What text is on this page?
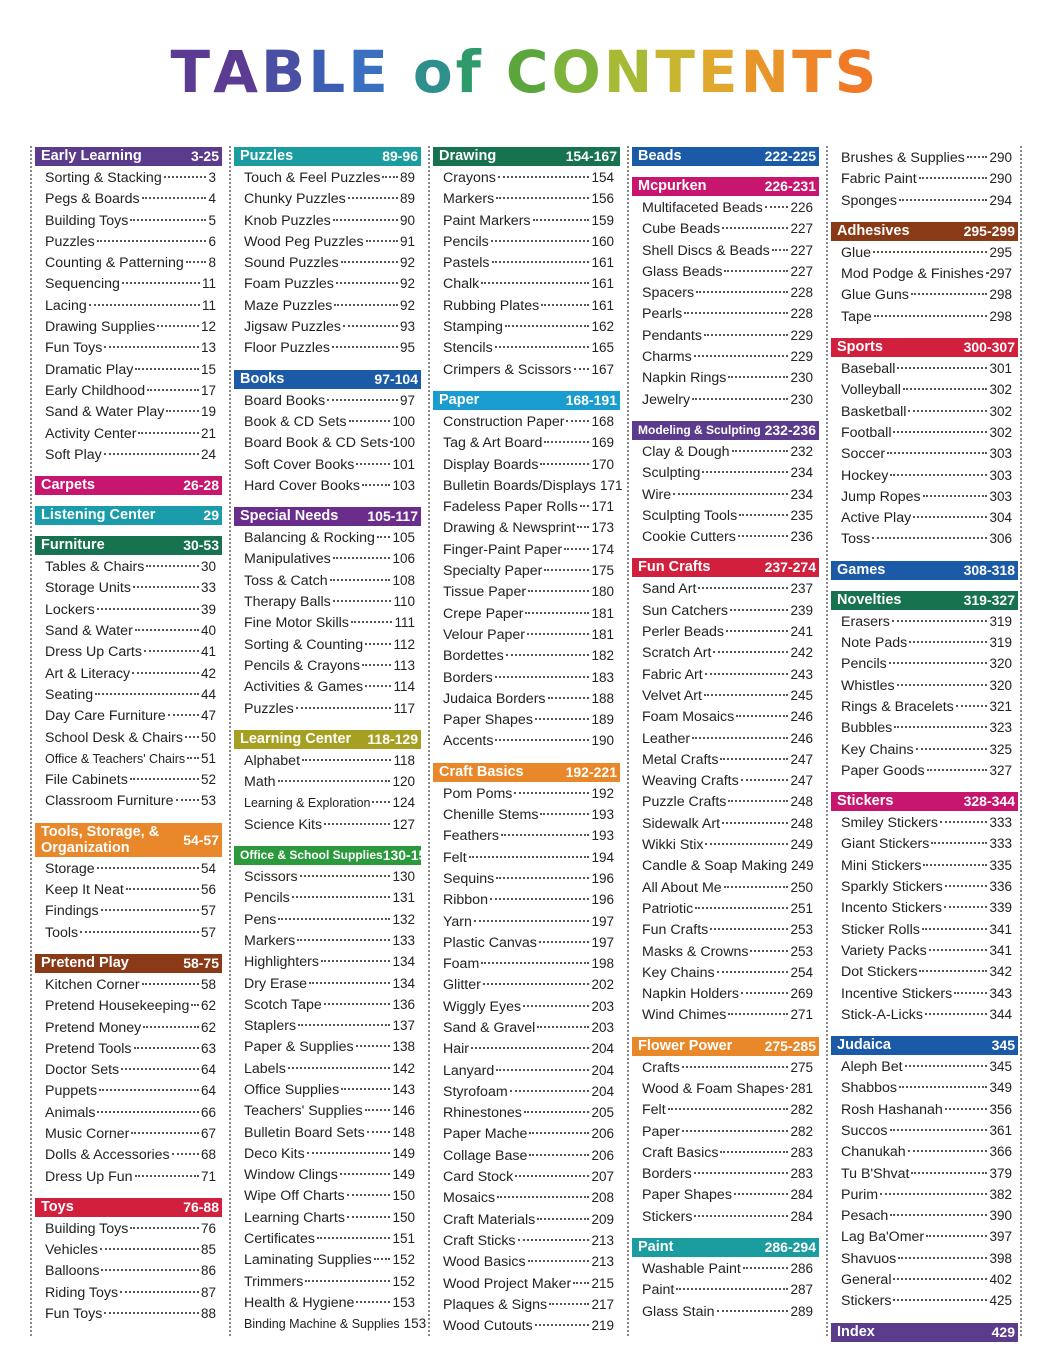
TABLE of CONTENTS
Early Learning	3-25
Sorting & Stacking	3
Pegs & Boards	4
Building Toys	5
Puzzles	6
Counting & Patterning 8
Sequencing	11
Lacing	11
Drawing Supplies	12
Fun Toys	13
Dramatic Play	15
Early Childhood	17
Sand & Water Play	19
Activity Center	21
Soft Play	24
Carpets	26-28
Listening Center	29
Furniture	30-53
Tables & Chairs	30
Storage Units	33
Lockers	39
Sand & Water	40
Dress Up Carts	41
Art & Literacy	42
Seating	44
Day Care Furniture	47
School Desk & Chairs 50
Office & Teachers' Chairs 51
File Cabinets	52
Classroom Furniture 53
Tools, Storage, & Organization	54-57
Storage	54
Keep It Neat	56
Findings	57
Tools	57
Pretend Play	58-75
Kitchen Corner	58
Pretend Housekeeping 62
Pretend Money	62
Pretend Tools	63
Doctor Sets	64
Puppets	64
Animals	66
Music Corner	67
Dolls & Accessories 68
Dress Up Fun	71
Toys	76-88
Building Toys	76
Vehicles	85
Balloons	86
Riding Toys	87
Fun Toys	88
Puzzles	89-96
Touch & Feel Puzzles 89
Chunky Puzzles	89
Knob Puzzles	90
Wood Peg Puzzles	91
Sound Puzzles	92
Foam Puzzles	92
Maze Puzzles	92
Jigsaw Puzzles	93
Floor Puzzles	95
Books	97-104
Board Books	97
Book & CD Sets	100
Board Book & CD Sets 100
Soft Cover Books	101
Hard Cover Books 103
Special Needs 105-117
Balancing & Rocking 105
Manipulatives	106
Toss & Catch	108
Therapy Balls	110
Fine Motor Skills	111
Sorting & Counting 112
Pencils & Crayons 113
Activities & Games 114
Puzzles	117
Learning Center 118-129
Alphabet	118
Math	120
Learning & Exploration 124
Science Kits	127
Office & School Supplies 130-153
Scissors	130
Pencils	131
Pens	132
Markers	133
Highlighters	134
Dry Erase	134
Scotch Tape	136
Staplers	137
Paper & Supplies	138
Labels	142
Office Supplies	143
Teachers' Supplies 146
Bulletin Board Sets 148
Deco Kits	149
Window Clings	149
Wipe Off Charts	150
Learning Charts	150
Certificates	151
Laminating Supplies 152
Trimmers	152
Health & Hygiene	153
Binding Machine & Supplies 153
Drawing	154-167
Crayons	154
Markers	156
Paint Markers	159
Pencils	160
Pastels	161
Chalk	161
Rubbing Plates	161
Stamping	162
Stencils	165
Crimpers & Scissors 167
Paper	168-191
Construction Paper 168
Tag & Art Board	169
Display Boards	170
Bulletin Boards/Displays 171
Fadeless Paper Rolls 171
Drawing & Newsprint 173
Finger-Paint Paper 174
Specialty Paper	175
Tissue Paper	180
Crepe Paper	181
Velour Paper	181
Bordettes	182
Borders	183
Judaica Borders	188
Paper Shapes	189
Accents	190
Craft Basics	192-221
Pom Poms	192
Chenille Stems	193
Feathers	193
Felt	194
Sequins	196
Ribbon	196
Yarn	197
Plastic Canvas	197
Foam	198
Glitter	202
Wiggly Eyes	203
Sand & Gravel	203
Hair	204
Lanyard	204
Styrofoam	204
Rhinestones	205
Paper Mache	206
Collage Base	206
Card Stock	207
Mosaics	208
Craft Materials	209
Craft Sticks	213
Wood Basics	213
Wood Project Maker 215
Plaques & Signs	217
Wood Cutouts	219
Beads	222-225
Mcpurken	226-231
Multifaceted Beads 226
Cube Beads	227
Shell Discs & Beads 227
Glass Beads	227
Spacers	228
Pearls	228
Pendants	229
Charms	229
Napkin Rings	230
Jewelry	230
Modeling & Sculpting 232-236
Clay & Dough	232
Sculpting	234
Wire	234
Sculpting Tools	235
Cookie Cutters	236
Fun Crafts	237-274
Sand Art	237
Sun Catchers	239
Perler Beads	241
Scratch Art	242
Fabric Art	243
Velvet Art	245
Foam Mosaics	246
Leather	246
Metal Crafts	247
Weaving Crafts	247
Puzzle Crafts	248
Sidewalk Art	248
Wikki Stix	249
Candle & Soap Making 249
All About Me	250
Patriotic	251
Fun Crafts	253
Masks & Crowns	253
Key Chains	254
Napkin Holders	269
Wind Chimes	271
Flower Power 275-285
Crafts	275
Wood & Foam Shapes 281
Felt	282
Paper	282
Craft Basics	283
Borders	283
Paper Shapes	284
Stickers	284
Paint	286-294
Washable Paint	286
Paint	287
Glass Stain	289
Brushes & Supplies 290
Fabric Paint	290
Sponges	294
Adhesives	295-299
Glue	295
Mod Podge & Finishes 297
Glue Guns	298
Tape	298
Sports	300-307
Baseball	301
Volleyball	302
Basketball	302
Football	302
Soccer	303
Hockey	303
Jump Ropes	303
Active Play	304
Toss	306
Games	308-318
Novelties	319-327
Erasers	319
Note Pads	319
Pencils	320
Whistles	320
Rings & Bracelets	321
Bubbles	323
Key Chains	325
Paper Goods	327
Stickers	328-344
Smiley Stickers	333
Giant Stickers	333
Mini Stickers	335
Sparkly Stickers	336
Incento Stickers	339
Sticker Rolls	341
Variety Packs	341
Dot Stickers	342
Incentive Stickers	343
Stick-A-Licks	344
Judaica	345
Aleph Bet	345
Shabbos	349
Rosh Hashanah	356
Succos	361
Chanukah	366
Tu B'Shvat	379
Purim	382
Pesach	390
Lag Ba'Omer	397
Shavuos	398
General	402
Stickers	425
Index	429
